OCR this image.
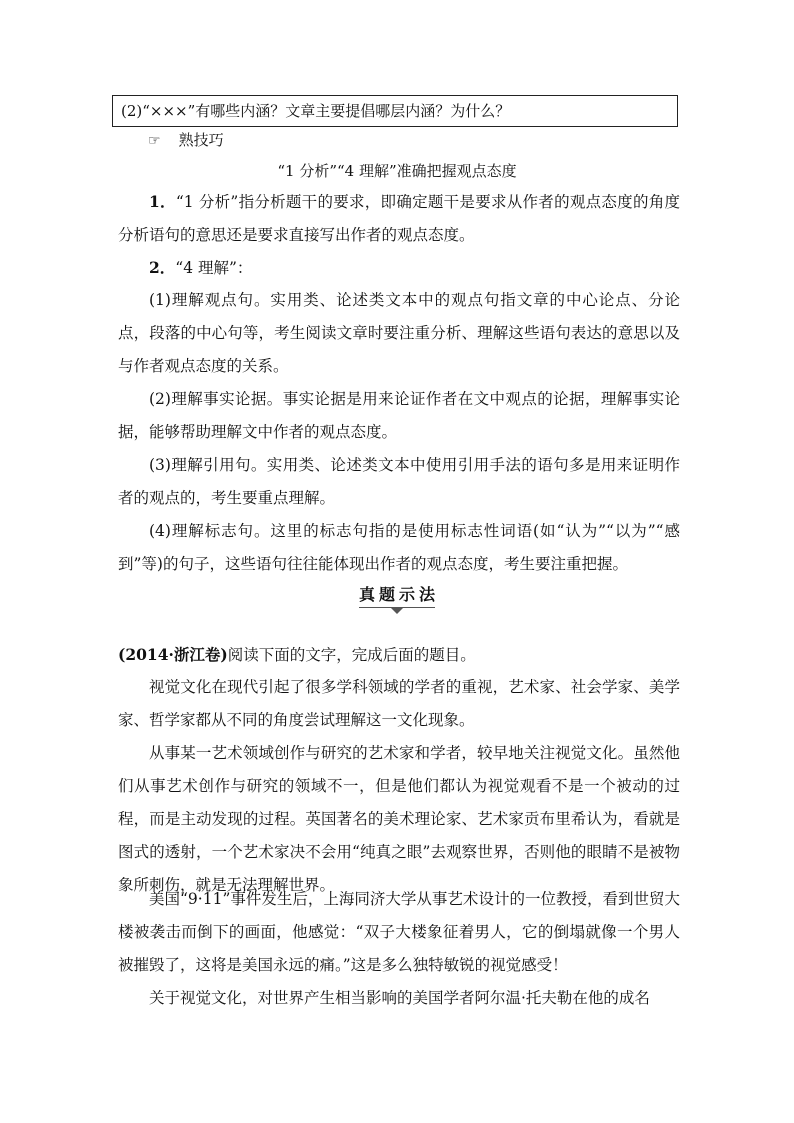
(2)“×××”有哪些内涵？文章主要提倡哪层内涵？为什么？
☞ 熟技巧
“1 分析”“4 理解”准确把握观点态度
1．“1 分析”指分析题干的要求，即确定题干是要求从作者的观点态度的角度分析语句的意思还是要求直接写出作者的观点态度。
2．“4 理解”：
(1)理解观点句。实用类、论述类文本中的观点句指文章的中心论点、分论点，段落的中心句等，考生阅读文章时要注重分析、理解这些语句表达的意思以及与作者观点态度的关系。
(2)理解事实论据。事实论据是用来论证作者在文中观点的论据，理解事实论据，能够帮助理解文中作者的观点态度。
(3)理解引用句。实用类、论述类文本中使用引用手法的语句多是用来证明作者的观点的，考生要重点理解。
(4)理解标志句。这里的标志句指的是使用标志性词语(如“认为”“以为”“感到”等)的句子，这些语句往往能体现出作者的观点态度，考生要注重把握。
真题示法
(2014·浙江卷)阅读下面的文字，完成后面的题目。
视觉文化在现代引起了很多学科领域的学者的重视，艺术家、社会学家、美学家、哲学家都从不同的角度尝试理解这一文化现象。
从事某一艺术领域创作与研究的艺术家和学者，较早地关注视觉文化。虽然他们从事艺术创作与研究的领域不一，但是他们都认为视觉观看不是一个被动的过程，而是主动发现的过程。英国著名的美术理论家、艺术家贡布里希认为，看就是图式的透射，一个艺术家决不会用“纯真之眼”去观察世界，否则他的眼睛不是被物象所刺伤，就是无法理解世界。
美国“9·11”事件发生后，上海同济大学从事艺术设计的一位教授，看到世贸大楼被袭击而倒下的画面，他感觉：“双子大楼象征着男人，它的倒塌就像一个男人被摧毁了，这将是美国永远的痛。”这是多么独特敏锐的视觉感受！
关于视觉文化，对世界产生相当影响的美国学者阿尔温·托夫勒在他的成名
